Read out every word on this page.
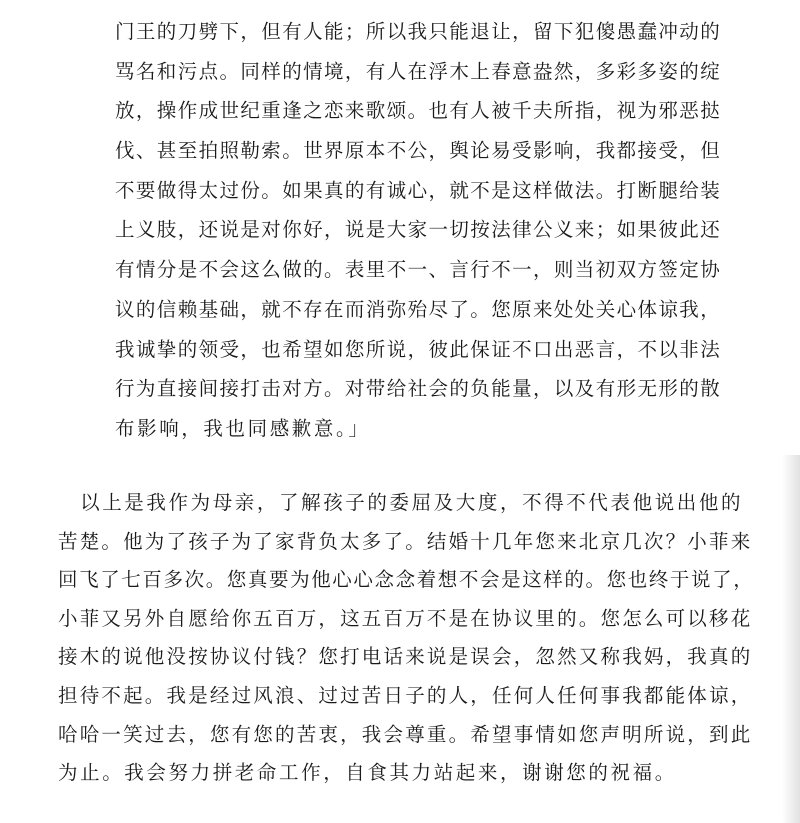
门王的刀劈下，但有人能；所以我只能退让，留下犯傻愚蠢冲动的

骂名和污点。同样的情境，有人在浮木上春意盎然，多彩多姿的绽

放，操作成世纪重逢之恋来歌颂。也有人被千夫所指，视为邪恶挞

伐、甚至拍照勒索。世界原本不公，舆论易受影响，我都接受，但

不要做得太过份。如果真的有诚心，就不是这样做法。打断腿给装

上义肢，还说是对你好，说是大家一切按法律公义来；如果彼此还

有情分是不会这么做的。表里不一、言行不一，则当初双方签定协

议的信赖基础，就不存在而消弥殆尽了。您原来处处关心体谅我，

我诚挚的领受，也希望如您所说，彼此保证不口出恶言，不以非法

行为直接间接打击对方。对带给社会的负能量，以及有形无形的散

布影响，我也同感歉意。」

　以上是我作为母亲，了解孩子的委屈及大度，不得不代表他说出他的

苦楚。他为了孩子为了家背负太多了。结婚十几年您来北京几次？小菲来

回飞了七百多次。您真要为他心心念念着想不会是这样的。您也终于说了，

小菲又另外自愿给你五百万，这五百万不是在协议里的。您怎么可以移花

接木的说他没按协议付钱？您打电话来说是误会，忽然又称我妈，我真的

担待不起。我是经过风浪、过过苦日子的人，任何人任何事我都能体谅，

哈哈一笑过去，您有您的苦衷，我会尊重。希望事情如您声明所说，到此

为止。我会努力拼老命工作，自食其力站起来，谢谢您的祝福。
